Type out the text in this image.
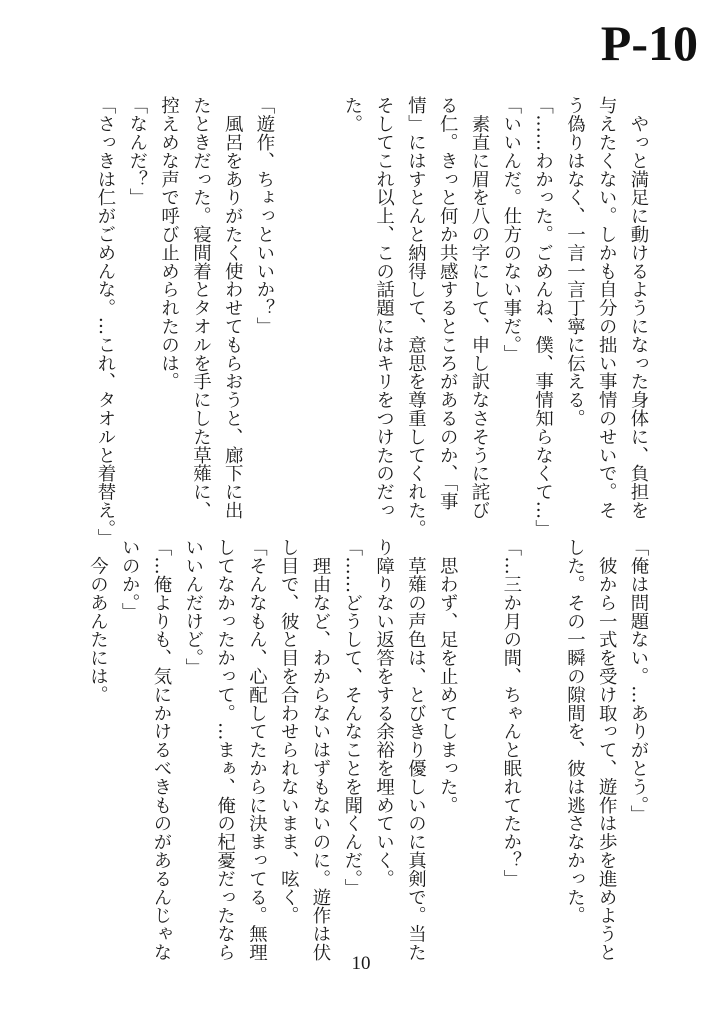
P-10
　やっと満足に動けるようになった身体に、負担を
与えたくない。しかも自分の拙い事情のせいで。そ
う偽りはなく、一言一言丁寧に伝える。
「……わかった。ごめんね、僕、事情知らなくて…」
「いいんだ。仕方のない事だ。」
　素直に眉を八の字にして、申し訳なさそうに詫び
る仁。きっと何か共感するところがあるのか、「事
情」にはすとんと納得して、意思を尊重してくれた。
そしてこれ以上、この話題にはキリをつけたのだっ
た。
「遊作、ちょっといいか？」
　風呂をありがたく使わせてもらおうと、廊下に出
たときだった。寝間着とタオルを手にした草薙に、
控えめな声で呼び止められたのは。
「なんだ？」
「さっきは仁がごめんな。…これ、タオルと着替え。」
「俺は問題ない。…ありがとう。」
　彼から一式を受け取って、遊作は歩を進めようと
した。その一瞬の隙間を、彼は逃さなかった。
「…三か月の間、ちゃんと眠れてたか？」
　思わず、足を止めてしまった。
　草薙の声色は、とびきり優しいのに真剣で。当た
り障りない返答をする余裕を埋めていく。
「……どうして、そんなことを聞くんだ。」
　理由など、わからないはずもないのに。遊作は伏
し目で、彼と目を合わせられないまま、呟く。
「そんなもん、心配してたからに決まってる。無理
してなかったかって。…まぁ、俺の杞憂だったなら
いいんだけど。」
「…俺よりも、気にかけるべきものがあるんじゃな
いのか。」
　今のあんたには。
10
